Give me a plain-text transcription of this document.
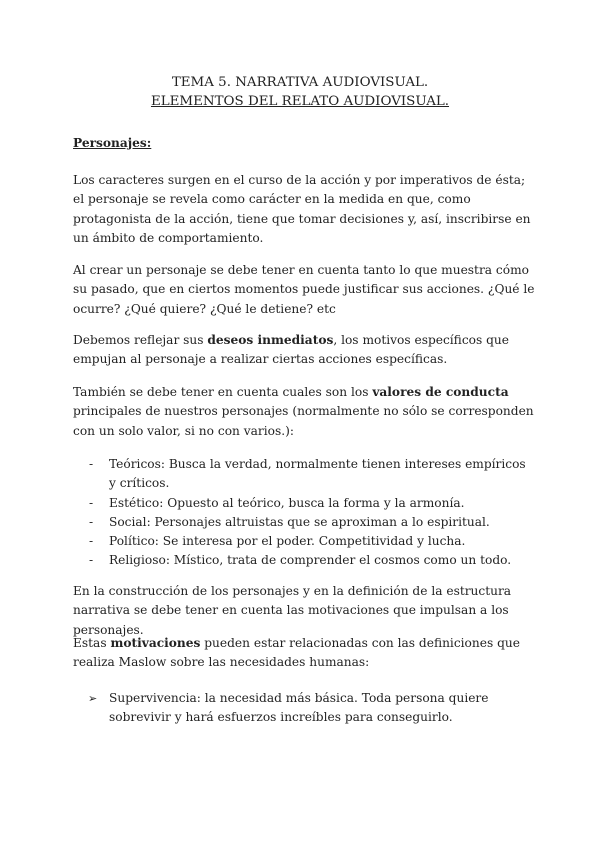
TEMA 5. NARRATIVA AUDIOVISUAL.
ELEMENTOS DEL RELATO AUDIOVISUAL.
Personajes:

Los caracteres surgen en el curso de la acción y por imperativos de ésta; el personaje se revela como carácter en la medida en que, como protagonista de la acción, tiene que tomar decisiones y, así, inscribirse en un ámbito de comportamiento.

Al crear un personaje se debe tener en cuenta tanto lo que muestra cómo su pasado, que en ciertos momentos puede justificar sus acciones. ¿Qué le ocurre? ¿Qué quiere? ¿Qué le detiene? etc

Debemos reflejar sus deseos inmediatos, los motivos específicos que empujan al personaje a realizar ciertas acciones específicas.

También se debe tener en cuenta cuales son los valores de conducta principales de nuestros personajes (normalmente no sólo se corresponden con un solo valor, si no con varios.):

- Teóricos: Busca la verdad, normalmente tienen intereses empíricos y críticos.
- Estético: Opuesto al teórico, busca la forma y la armonía.
- Social: Personajes altruistas que se aproximan a lo espiritual.
- Político: Se interesa por el poder. Competitividad y lucha.
- Religioso: Místico, trata de comprender el cosmos como un todo.

En la construcción de los personajes y en la definición de la estructura narrativa se debe tener en cuenta las motivaciones que impulsan a los personajes.

Estas motivaciones pueden estar relacionadas con las definiciones que realiza Maslow sobre las necesidades humanas:

➢ Supervivencia: la necesidad más básica. Toda persona quiere sobrevivir y hará esfuerzos increíbles para conseguirlo.
